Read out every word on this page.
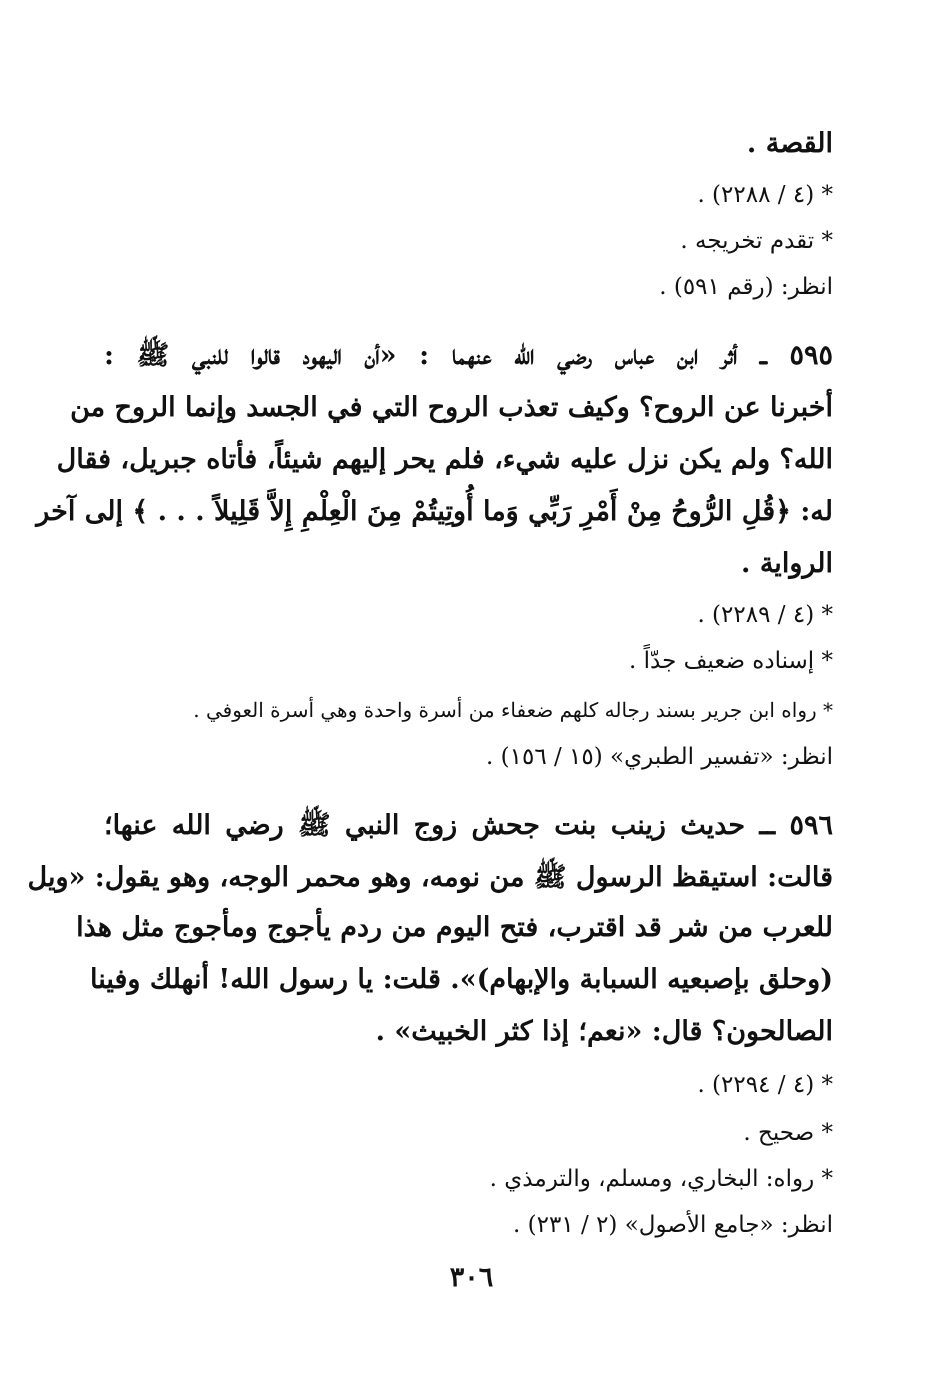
القصة .

* (٤ / ٢٢٨٨) .

* تقدم تخريجه .

انظر: (رقم ٥٩١) .

٥٩٥ ــ أثر ابن عباس رضي الله عنهما : «أن اليهود قالوا للنبي ﷺ :

أخبرنا عن الروح؟ وكيف تعذب الروح التي في الجسد وإنما الروح من

الله؟ ولم يكن نزل عليه شيء، فلم يحر إليهم شيئاً، فأتاه جبريل، فقال

له: ﴿قُلِ الرُّوحُ مِنْ أَمْرِ رَبِّي وَما أُوتِيتُمْ مِنَ الْعِلْمِ إِلاَّ قَلِيلاً . . . ﴾ إلى آخر

الرواية .

* (٤ / ٢٢٨٩) .

* إسناده ضعيف جدّاً .

* رواه ابن جرير بسند رجاله كلهم ضعفاء من أسرة واحدة وهي أسرة العوفي .

انظر: «تفسير الطبري» (١٥ / ١٥٦) .

٥٩٦ ــ حديث زينب بنت جحش زوج النبي ﷺ رضي الله عنها؛

قالت: استيقظ الرسول ﷺ من نومه، وهو محمر الوجه، وهو يقول: «ويل

للعرب من شر قد اقترب، فتح اليوم من ردم يأجوج ومأجوج مثل هذا

(وحلق بإصبعيه السبابة والإبهام)». قلت: يا رسول الله! أنهلك وفينا

الصالحون؟ قال: «نعم؛ إذا كثر الخبيث» .

* (٤ / ٢٢٩٤) .

* صحيح .

* رواه: البخاري، ومسلم، والترمذي .

انظر: «جامع الأصول» (٢ / ٢٣١) .

٣٠٦
